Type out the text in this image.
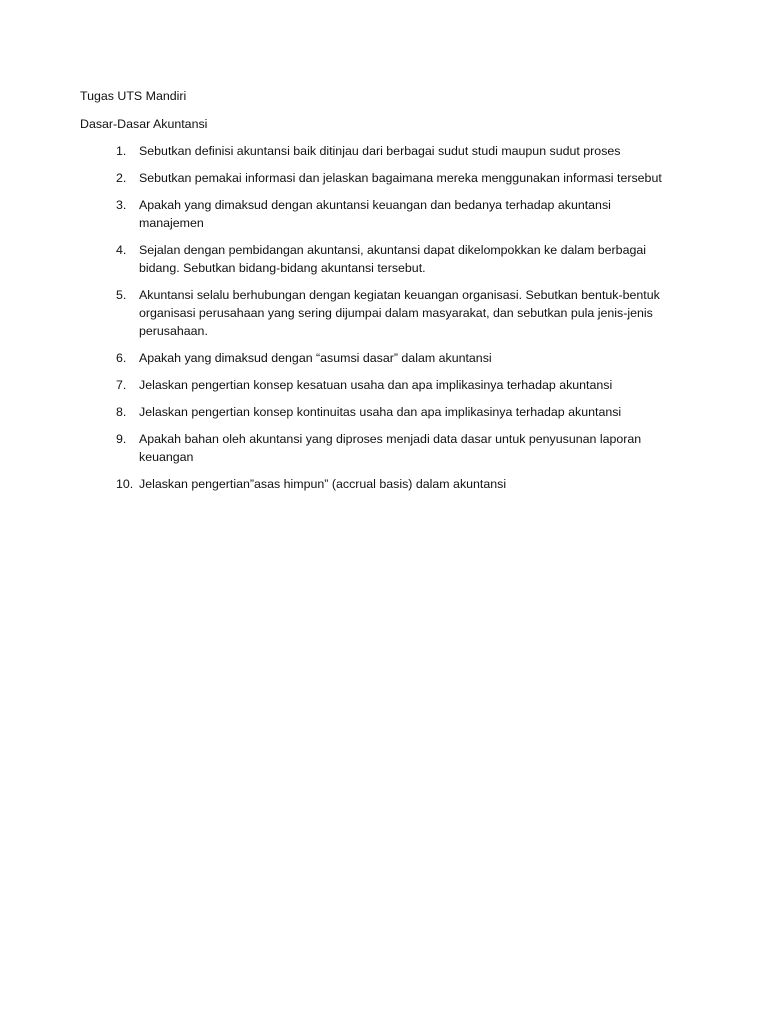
Tugas UTS Mandiri
Dasar-Dasar Akuntansi
1.	Sebutkan definisi akuntansi baik ditinjau dari berbagai sudut studi maupun sudut proses
2.	Sebutkan pemakai informasi dan jelaskan bagaimana mereka menggunakan informasi tersebut
3.	Apakah yang dimaksud dengan akuntansi keuangan dan bedanya terhadap akuntansi manajemen
4.	Sejalan dengan pembidangan akuntansi, akuntansi dapat dikelompokkan ke dalam berbagai bidang. Sebutkan bidang-bidang akuntansi tersebut.
5.	Akuntansi selalu berhubungan dengan kegiatan keuangan organisasi. Sebutkan bentuk-bentuk organisasi perusahaan yang sering dijumpai dalam masyarakat, dan sebutkan pula jenis-jenis perusahaan.
6.	Apakah yang dimaksud dengan “asumsi dasar” dalam akuntansi
7.	Jelaskan pengertian konsep kesatuan usaha dan apa implikasinya terhadap akuntansi
8.	Jelaskan pengertian konsep kontinuitas usaha dan apa implikasinya terhadap akuntansi
9.	Apakah bahan oleh akuntansi yang diproses menjadi data dasar untuk penyusunan laporan keuangan
10. Jelaskan pengertian”asas himpun” (accrual basis) dalam akuntansi
